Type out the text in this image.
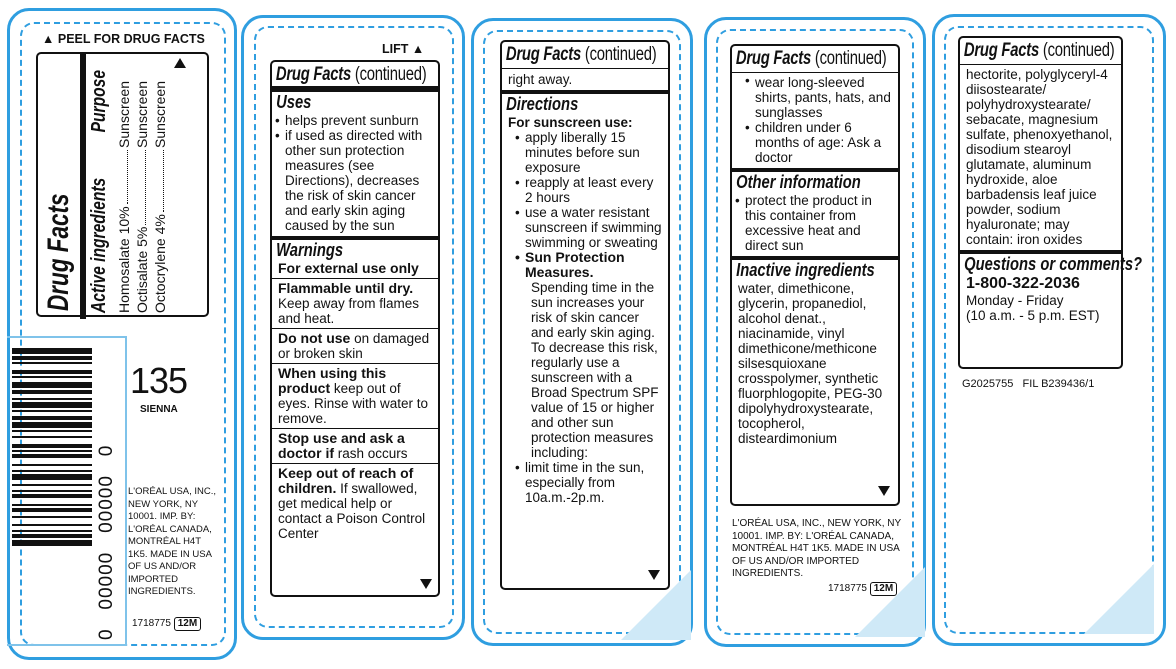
▲ PEEL FOR DRUG FACTS
Drug Facts Active ingredients
Purpose
Homosalate 10%
Sunscreen
Octisalate 5%
Sunscreen
Octocrylene 4%
Sunscreen
0   00000   00000   0
135
SIENNA
L'ORÉAL USA, INC., NEW YORK, NY 10001. IMP. BY: L'ORÉAL CANADA, MONTRÉAL H4T 1K5. MADE IN USA OF US AND/OR IMPORTED INGREDIENTS.
1718775 12M
LIFT ▲
Drug Facts (continued)
Uses
• helps prevent sunburn
• if used as directed with other sun protection measures (see Directions), decreases the risk of skin cancer and early skin aging caused by the sun
Warnings
For external use only
Flammable until dry. Keep away from flames and heat.
Do not use on damaged or broken skin
When using this product keep out of eyes. Rinse with water to remove.
Stop use and ask a doctor if rash occurs
Keep out of reach of children. If swallowed, get medical help or contact a Poison Control Center
Drug Facts (continued)
right away.
Directions
For sunscreen use:
• apply liberally 15 minutes before sun exposure
• reapply at least every 2 hours
• use a water resistant sunscreen if swimming swimming or sweating
• Sun Protection Measures.
Spending time in the sun increases your risk of skin cancer and early skin aging. To decrease this risk, regularly use a sunscreen with a Broad Spectrum SPF value of 15 or higher and other sun protection measures including:
• limit time in the sun, especially from 10a.m.-2p.m.
Drug Facts (continued)
• wear long-sleeved shirts, pants, hats, and sunglasses
• children under 6 months of age: Ask a doctor
Other information
• protect the product in this container from excessive heat and direct sun
Inactive ingredients
water, dimethicone, glycerin, propanediol, alcohol denat., niacinamide, vinyl dimethicone/methicone silsesquioxane crosspolymer, synthetic fluorphlogopite, PEG-30 dipolyhydroxystearate, tocopherol, disteardimonium
L'ORÉAL USA, INC., NEW YORK, NY 10001. IMP. BY: L'ORÉAL CANADA, MONTRÉAL H4T 1K5. MADE IN USA OF US AND/OR IMPORTED INGREDIENTS.
1718775 12M
Drug Facts (continued)
hectorite, polyglyceryl-4 diisostearate/ polyhydroxystearate/ sebacate, magnesium sulfate, phenoxyethanol, disodium stearoyl glutamate, aluminum hydroxide, aloe barbadensis leaf juice powder, sodium hyaluronate; may contain: iron oxides
Questions or comments?
1-800-322-2036
Monday - Friday
(10 a.m. - 5 p.m. EST)
G2025755   FIL B239436/1
